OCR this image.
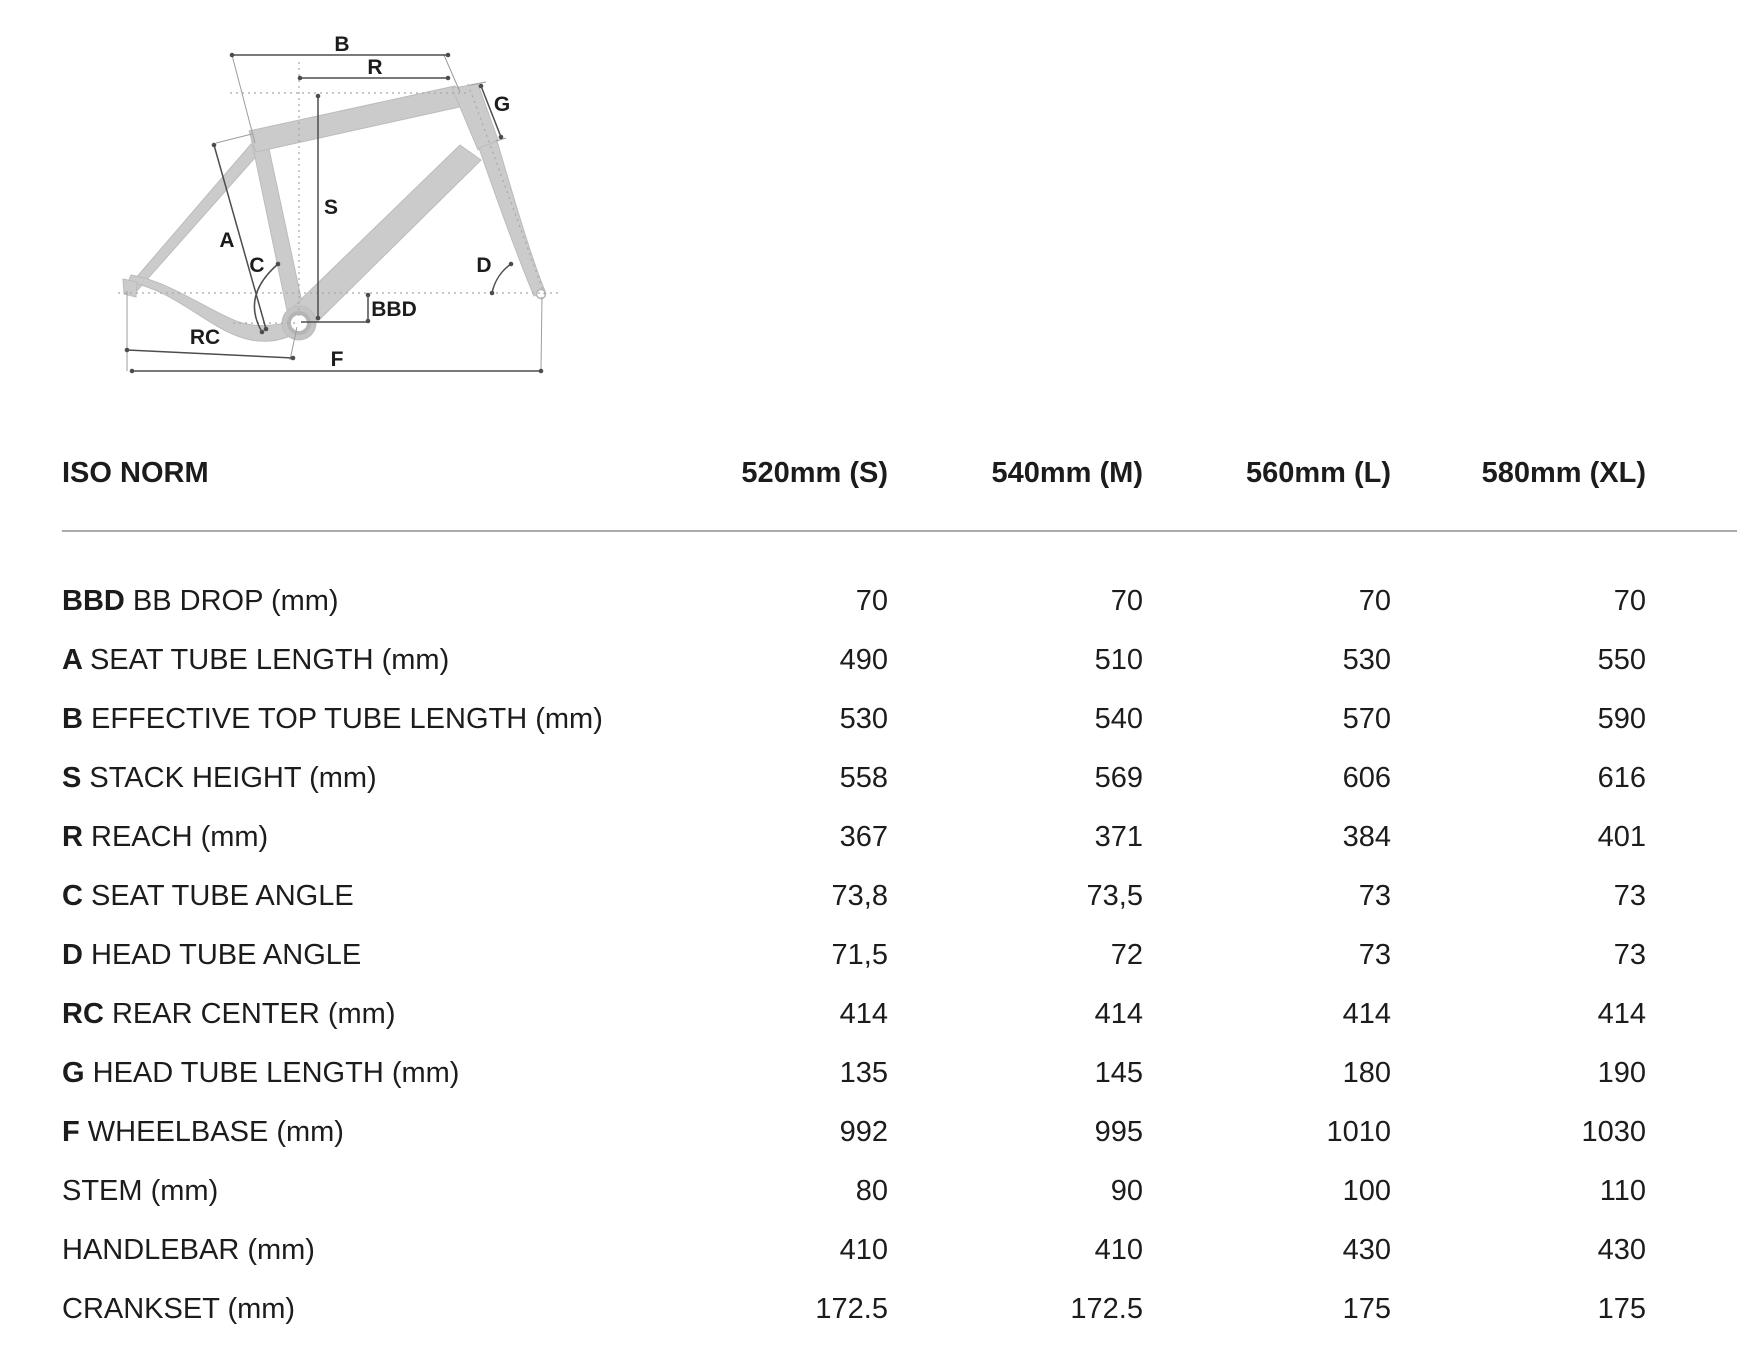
B
R
G
S
A
C	D
BBD
RC
F
ISO NORM	520mm (S)	540mm (M)	560mm (L)	580mm (XL)
BBD BB DROP (mm)	70	70	70	70
A SEAT TUBE LENGTH (mm)	490	510	530	550
B EFFECTIVE TOP TUBE LENGTH (mm)	530	540	570	590
S STACK HEIGHT (mm)	558	569	606	616
R REACH (mm)	367	371	384	401
C SEAT TUBE ANGLE	73,8	73,5	73	73
D HEAD TUBE ANGLE	71,5	72	73	73
RC REAR CENTER (mm)	414	414	414	414
G HEAD TUBE LENGTH (mm)	135	145	180	190
F WHEELBASE (mm)	992	995	1010	1030
STEM (mm)	80	90	100	110
HANDLEBAR (mm)	410	410	430	430
CRANKSET (mm)	172.5	172.5	175	175
